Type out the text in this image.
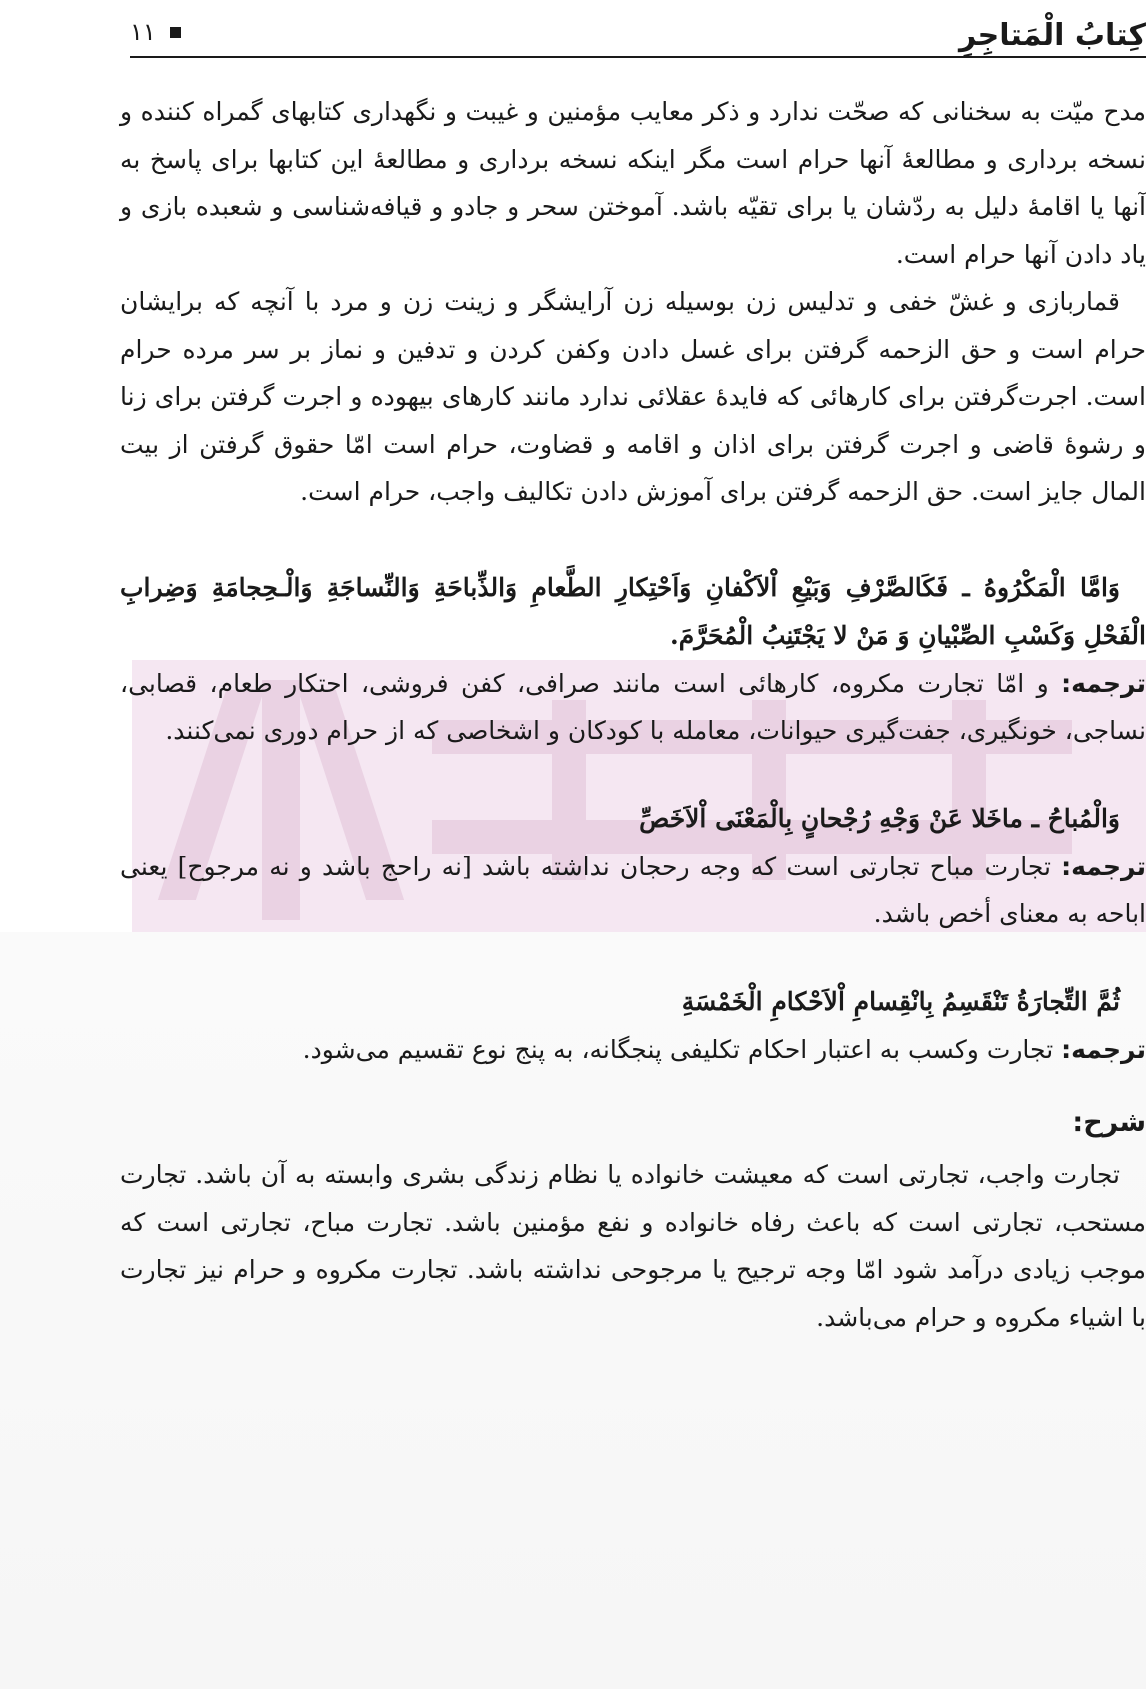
کِتابُ الْمَتاجِرِ
۱۱

مدح میّت به سخنانی که صحّت ندارد و ذکر معایب مؤمنین و غیبت و نگهداری کتابهای گمراه کننده و نسخه برداری و مطالعهٔ آنها حرام است مگر اینکه نسخه برداری و مطالعهٔ این کتابها برای پاسخ به آنها یا اقامهٔ دلیل به ردّشان یا برای تقیّه باشد. آموختن سحر و جادو و قیافه‌شناسی و شعبده بازی و یاد دادن آنها حرام است.

قماربازی و غشّ خفی و تدلیس زن بوسیله زن آرایشگر و زینت زن و مرد با آنچه که برایشان حرام است و حق الزحمه گرفتن برای غسل دادن وکفن کردن و تدفین و نماز بر سر مرده حرام است. اجرت‌گرفتن برای کارهائی که فایدهٔ عقلائی ندارد مانند کارهای بیهوده و اجرت گرفتن برای زنا و رشوهٔ قاضی و اجرت گرفتن برای اذان و اقامه و قضاوت، حرام است امّا حقوق گرفتن از بیت المال جایز است. حق الزحمه گرفتن برای آموزش دادن تکالیف واجب، حرام است.

وَامَّا الْمَکْرُوهُ ـ فَکَالصَّرْفِ وَبَیْعِ اْلاَکْفانِ وَاَحْتِکارِ الطَّعامِ وَالذِّباحَةِ وَالنِّساجَةِ وَالْـحِجامَةِ وَضِرابِ الْفَحْلِ وَکَسْبِ الصِّبْیانِ وَ مَنْ لا یَجْتَنِبُ الْمُحَرَّمَ.

ترجمه: و امّا تجارت مکروه، کارهائی است مانند صرافی، کفن فروشی، احتکار طعام، قصابی، نساجی، خونگیری، جفت‌گیری حیوانات، معامله با کودکان و اشخاصی که از حرام دوری نمی‌کنند.

وَالْمُباحُ ـ ماخَلا عَنْ وَجْهِ رُجْحانٍ بِالْمَعْنَی اْلاَخَصِّ

ترجمه: تجارت مباح تجارتی است که وجه رحجان نداشته باشد [نه راحج باشد و نه مرجوح] یعنی اباحه به معنای أخص باشد.

ثُمَّ التِّجارَةُ تَنْقَسِمُ بِانْقِسامِ اْلاَحْکامِ الْخَمْسَةِ

ترجمه: تجارت وکسب به اعتبار احکام تکلیفی پنجگانه، به پنج نوع تقسیم می‌شود.

شرح:

تجارت واجب، تجارتی است که معیشت خانواده یا نظام زندگی بشری وابسته به آن باشد. تجارت مستحب، تجارتی است که باعث رفاه خانواده و نفع مؤمنین باشد. تجارت مباح، تجارتی است که موجب زیادی درآمد شود امّا وجه ترجیح یا مرجوحی نداشته باشد. تجارت مکروه و حرام نیز تجارت با اشیاء مکروه و حرام می‌باشد.
